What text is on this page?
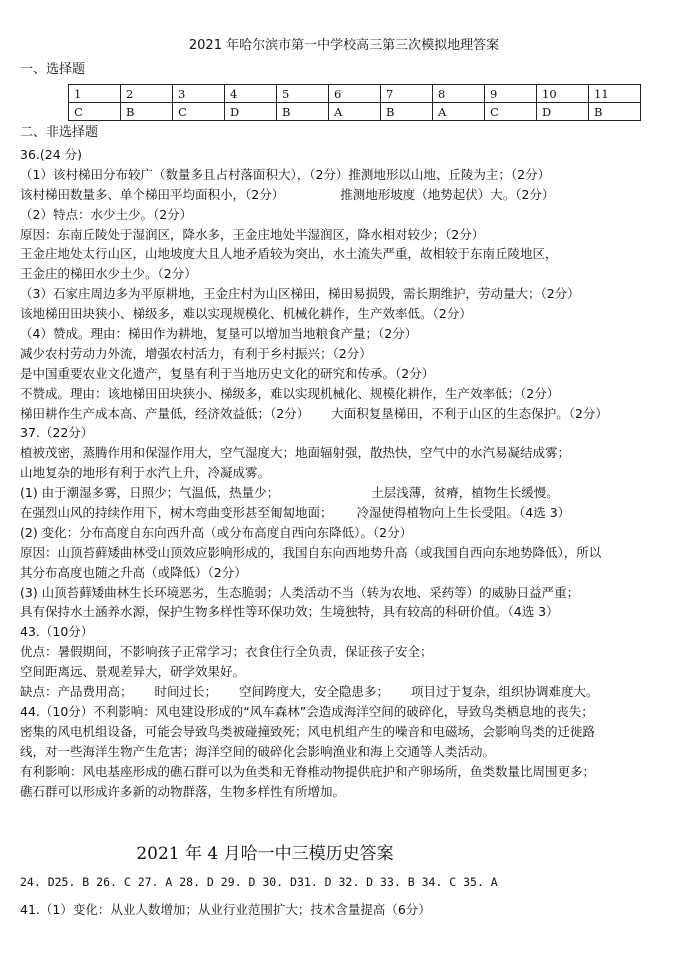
2021 年哈尔滨市第一中学校高三第三次模拟地理答案
一、选择题
1	2	3	4	5	6	7	8	9	10	11
C	B	C	D	B	A	B	A	C	D	B
二、非选择题
36.(24 分)
（1）该村梯田分布较广（数量多且占村落面积大），（2分）推测地形以山地、丘陵为主；（2分）
该村梯田数量多、单个梯田平均面积小，（2分）	推测地形坡度（地势起伏）大。（2分）
（2）特点：水少土少。（2分）
原因：东南丘陵处于湿润区，降水多，王金庄地处半湿润区，降水相对较少；（2分）
王金庄地处太行山区，山地坡度大且人地矛盾较为突出，水土流失严重，故相较于东南丘陵地区，
王金庄的梯田水少土少。（2分）
（3）石家庄周边多为平原耕地，王金庄村为山区梯田，梯田易损毁，需长期维护，劳动量大；（2分）
该地梯田田块狭小、梯级多，难以实现规模化、机械化耕作，生产效率低。（2分）
（4）赞成。理由：梯田作为耕地，复垦可以增加当地粮食产量；（2分）
减少农村劳动力外流，增强农村活力，有利于乡村振兴；（2分）
是中国重要农业文化遗产，复垦有利于当地历史文化的研究和传承。（2分）
不赞成。理由：该地梯田田块狭小、梯级多，难以实现机械化、规模化耕作，生产效率低；（2分）
梯田耕作生产成本高、产量低，经济效益低；（2分） 大面积复垦梯田，不利于山区的生态保护。（2分）
37.（22分）
植被茂密，蒸腾作用和保湿作用大，空气湿度大；地面辐射强，散热快，空气中的水汽易凝结成雾；
山地复杂的地形有利于水汽上升，冷凝成雾。
(1) 由于潮湿多雾，日照少；气温低，热量少；	土层浅薄，贫瘠，植物生长缓慢。
在强烈山风的持续作用下，树木弯曲变形甚至匍匐地面； 冷湿使得植物向上生长受阻。（4选 3）
(2) 变化：分布高度自东向西升高（或分布高度自西向东降低）。（2分）
原因：山顶苔藓矮曲林受山顶效应影响形成的，我国自东向西地势升高（或我国自西向东地势降低），所以
其分布高度也随之升高（或降低）（2分）
(3) 山顶苔藓矮曲林生长环境恶劣，生态脆弱；人类活动不当（转为农地、采药等）的威胁日益严重；
具有保持水土涵养水源，保护生物多样性等环保功效；生境独特，具有较高的科研价值。（4选 3）
43.（10分）
优点：暑假期间，不影响孩子正常学习；衣食住行全负责，保证孩子安全；
空间距离远、景观差异大，研学效果好。
缺点：产品费用高； 时间过长； 空间跨度大，安全隐患多； 项目过于复杂，组织协调难度大。
44.（10分）不利影响：风电建设形成的“风车森林”会造成海洋空间的破碎化，导致鸟类栖息地的丧失；
密集的风电机组设备，可能会导致鸟类被碰撞致死；风电机组产生的噪音和电磁场，会影响鸟类的迁徙路
线，对一些海洋生物产生危害；海洋空间的破碎化会影响渔业和海上交通等人类活动。
有利影响：风电基座形成的礁石群可以为鱼类和无脊椎动物提供庇护和产卵场所，鱼类数量比周围更多；
礁石群可以形成许多新的动物群落，生物多样性有所增加。
2021 年 4 月哈一中三模历史答案
24. D25. B 26. C 27. A 28. D 29. D 30. D31. D 32. D 33. B 34. C 35. A
41.（1）变化：从业人数增加；从业行业范围扩大；技术含量提高（6分）
